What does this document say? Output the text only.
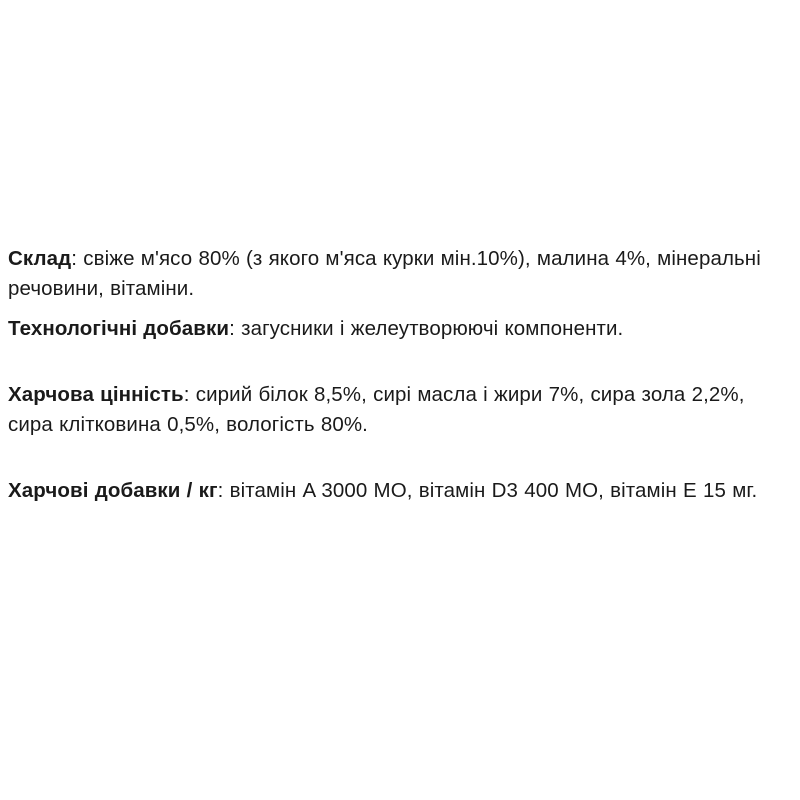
Склад: свіже м'ясо 80% (з якого м'яса курки мін.10%), малина 4%, мінеральні речовини, вітаміни.

Технологічні добавки: загусники і желеутворюючі компоненти.

Харчова цінність: сирий білок 8,5%, сирі масла і жири 7%, сира зола 2,2%, сира клітковина 0,5%, вологість 80%.

Харчові добавки / кг: вітамін A 3000 МО, вітамін D3 400 МО, вітамін E 15 мг.
